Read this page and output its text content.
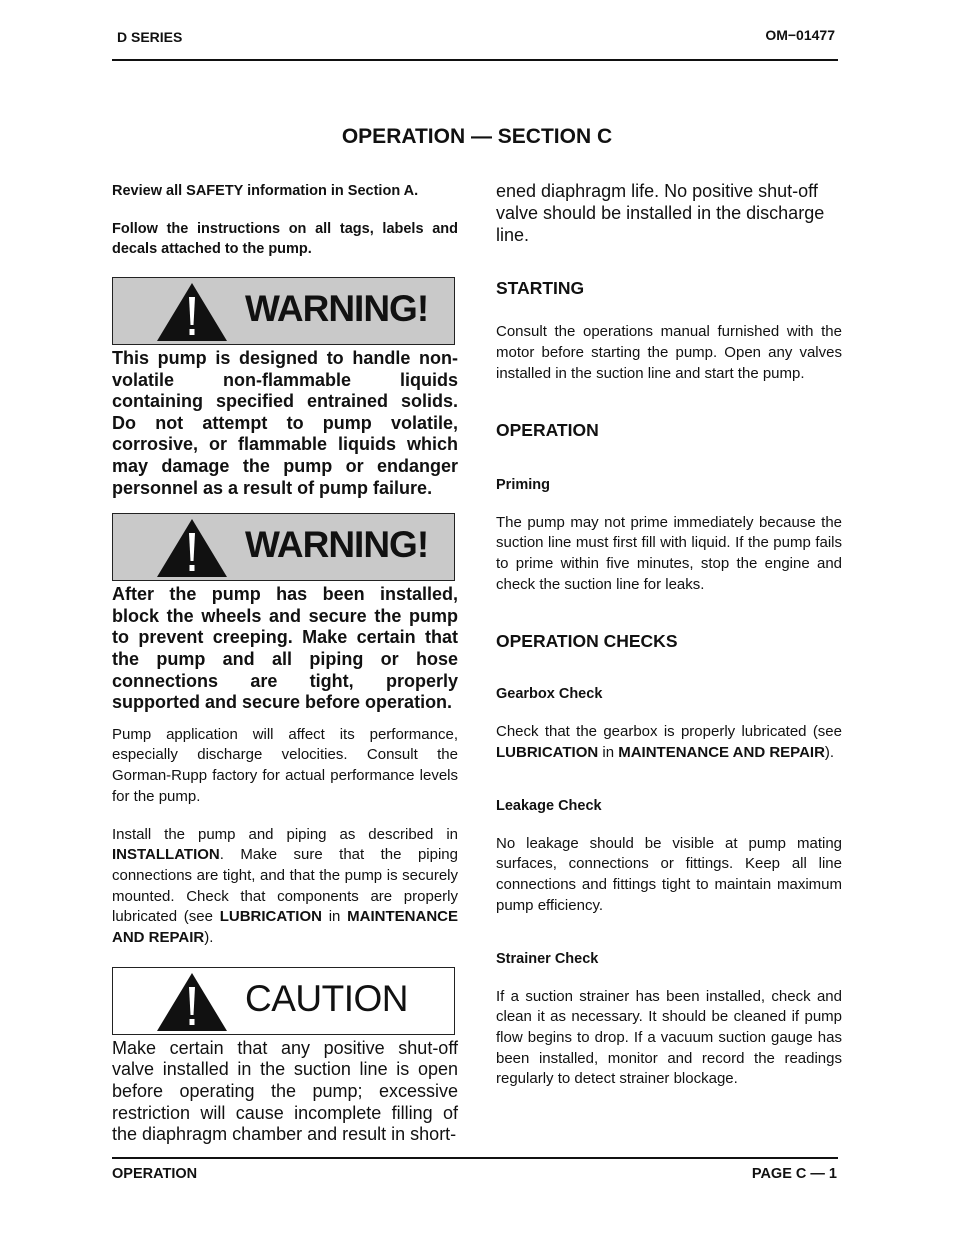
D SERIES	OM−01477
OPERATION — SECTION C

Review all SAFETY information in Section A.

Follow the instructions on all tags, labels and decals attached to the pump.

WARNING!

This pump is designed to handle non-volatile non-flammable liquids containing specified entrained solids. Do not attempt to pump volatile, corrosive, or flammable liquids which may damage the pump or endanger personnel as a result of pump failure.

WARNING!

After the pump has been installed, block the wheels and secure the pump to prevent creeping. Make certain that the pump and all piping or hose connections are tight, properly supported and secure before operation.

Pump application will affect its performance, especially discharge velocities. Consult the Gorman-Rupp factory for actual performance levels for the pump.

Install the pump and piping as described in INSTALLATION. Make sure that the piping connections are tight, and that the pump is securely mounted. Check that components are properly lubricated (see LUBRICATION in MAINTENANCE AND REPAIR).

CAUTION

Make certain that any positive shut-off valve installed in the suction line is open before operating the pump; excessive restriction will cause incomplete filling of the diaphragm chamber and result in short-

ened diaphragm life. No positive shut-off valve should be installed in the discharge line.

STARTING

Consult the operations manual furnished with the motor before starting the pump. Open any valves installed in the suction line and start the pump.

OPERATION

Priming

The pump may not prime immediately because the suction line must first fill with liquid. If the pump fails to prime within five minutes, stop the engine and check the suction line for leaks.

OPERATION CHECKS

Gearbox Check

Check that the gearbox is properly lubricated (see LUBRICATION in MAINTENANCE AND REPAIR).

Leakage Check

No leakage should be visible at pump mating surfaces, connections or fittings. Keep all line connections and fittings tight to maintain maximum pump efficiency.

Strainer Check

If a suction strainer has been installed, check and clean it as necessary. It should be cleaned if pump flow begins to drop. If a vacuum suction gauge has been installed, monitor and record the readings regularly to detect strainer blockage.

OPERATION	PAGE C — 1
